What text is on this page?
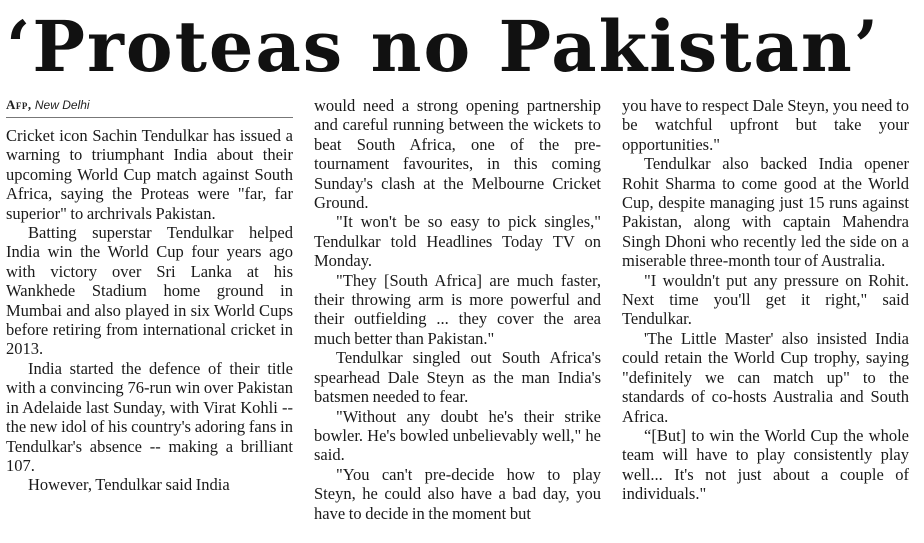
‘Proteas no Pakistan’
Afp, New Delhi

Cricket icon Sachin Tendulkar has issued a warning to triumphant India about their upcoming World Cup match against South Africa, saying the Proteas were "far, far superior" to archrivals Pakistan.

Batting superstar Tendulkar helped India win the World Cup four years ago with victory over Sri Lanka at his Wankhede Stadium home ground in Mumbai and also played in six World Cups before retiring from international cricket in 2013.

India started the defence of their title with a convincing 76-run win over Pakistan in Adelaide last Sunday, with Virat Kohli -- the new idol of his country's adoring fans in Tendulkar's absence -- making a brilliant 107.

However, Tendulkar said India

would need a strong opening partnership and careful running between the wickets to beat South Africa, one of the pre-tournament favourites, in this coming Sunday's clash at the Melbourne Cricket Ground.

"It won't be so easy to pick singles," Tendulkar told Headlines Today TV on Monday.

"They [South Africa] are much faster, their throwing arm is more powerful and their outfielding ... they cover the area much better than Pakistan."

Tendulkar singled out South Africa's spearhead Dale Steyn as the man India's batsmen needed to fear.

"Without any doubt he's their strike bowler. He's bowled unbelievably well," he said.

"You can't pre-decide how to play Steyn, he could also have a bad day, you have to decide in the moment but

you have to respect Dale Steyn, you need to be watchful upfront but take your opportunities."

Tendulkar also backed India opener Rohit Sharma to come good at the World Cup, despite managing just 15 runs against Pakistan, along with captain Mahendra Singh Dhoni who recently led the side on a miserable three-month tour of Australia.

"I wouldn't put any pressure on Rohit. Next time you'll get it right," said Tendulkar.

'The Little Master' also insisted India could retain the World Cup trophy, saying "definitely we can match up" to the standards of co-hosts Australia and South Africa.

“[But] to win the World Cup the whole team will have to play consistently play well... It's not just about a couple of individuals."
